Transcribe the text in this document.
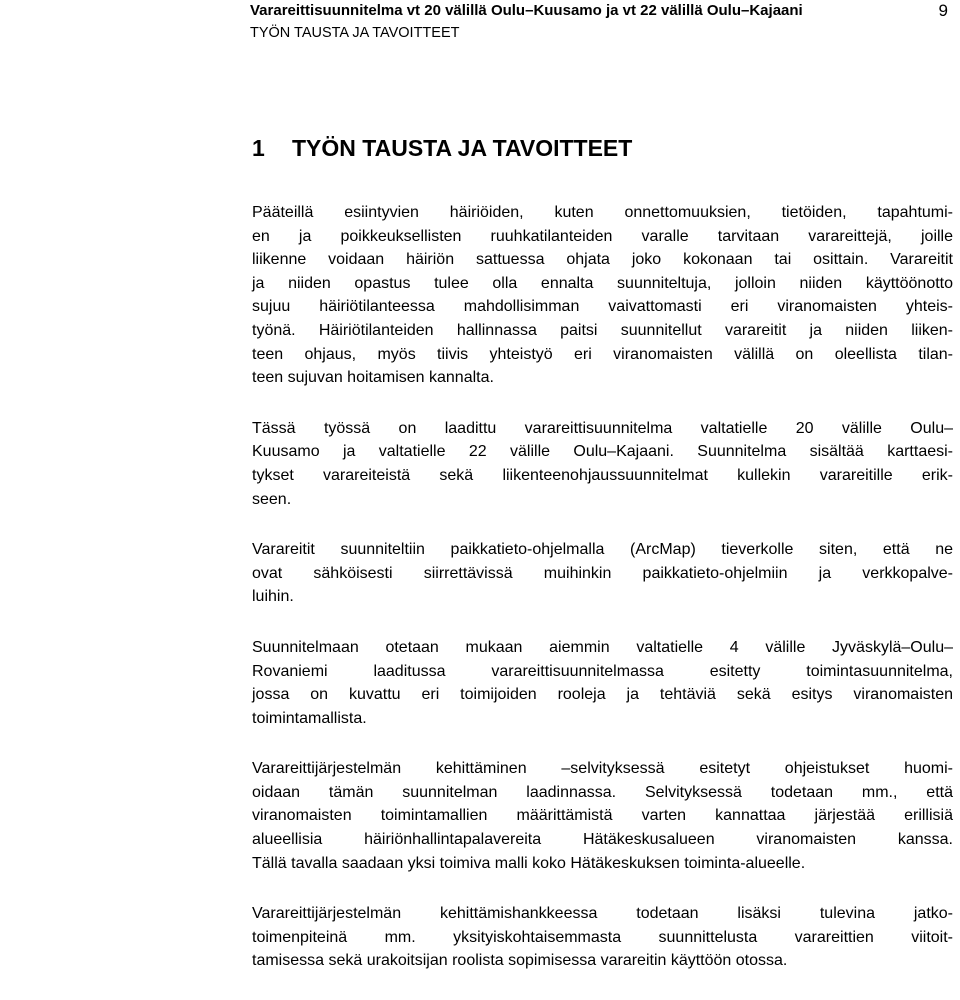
Varareittisuunnitelma vt 20 välillä Oulu–Kuusamo ja vt 22 välillä Oulu–Kajaani
TYÖN TAUSTA JA TAVOITTEET
9
1 TYÖN TAUSTA JA TAVOITTEET
Pääteillä esiintyvien häiriöiden, kuten onnettomuuksien, tietöiden, tapahtumi-
en ja poikkeuksellisten ruuhkatilanteiden varalle tarvitaan varareittejä, joille
liikenne voidaan häiriön sattuessa ohjata joko kokonaan tai osittain. Varareitit
ja niiden opastus tulee olla ennalta suunniteltuja, jolloin niiden käyttöönotto
sujuu häiriötilanteessa mahdollisimman vaivattomasti eri viranomaisten yhteis-
työnä. Häiriötilanteiden hallinnassa paitsi suunnitellut varareitit ja niiden liiken-
teen ohjaus, myös tiivis yhteistyö eri viranomaisten välillä on oleellista tilan-
teen sujuvan hoitamisen kannalta.
Tässä työssä on laadittu varareittisuunnitelma valtatielle 20 välille Oulu–
Kuusamo ja valtatielle 22 välille Oulu–Kajaani. Suunnitelma sisältää karttaesi-
tykset varareiteistä sekä liikenteenohjaussuunnitelmat kullekin varareitille erik-
seen.
Varareitit suunniteltiin paikkatieto-ohjelmalla (ArcMap) tieverkolle siten, että ne
ovat sähköisesti siirrettävissä muihinkin paikkatieto-ohjelmiin ja verkkopalve-
luihin.
Suunnitelmaan otetaan mukaan aiemmin valtatielle 4 välille Jyväskylä–Oulu–
Rovaniemi laaditussa varareittisuunnitelmassa esitetty toimintasuunnitelma,
jossa on kuvattu eri toimijoiden rooleja ja tehtäviä sekä esitys viranomaisten
toimintamallista.
Varareittijärjestelmän kehittäminen –selvityksessä esitetyt ohjeistukset huomi-
oidaan tämän suunnitelman laadinnassa. Selvityksessä todetaan mm., että
viranomaisten toimintamallien määrittämistä varten kannattaa järjestää erillisiä
alueellisia häiriönhallintapalavereita Hätäkeskusalueen viranomaisten kanssa.
Tällä tavalla saadaan yksi toimiva malli koko Hätäkeskuksen toiminta-alueelle.
Varareittijärjestelmän kehittämishankkeessa todetaan lisäksi tulevina jatko-
toimenpiteinä mm. yksityiskohtaisemmasta suunnittelusta varareittien viitoit-
tamisessa sekä urakoitsijan roolista sopimisessa varareitin käyttöön otossa.
